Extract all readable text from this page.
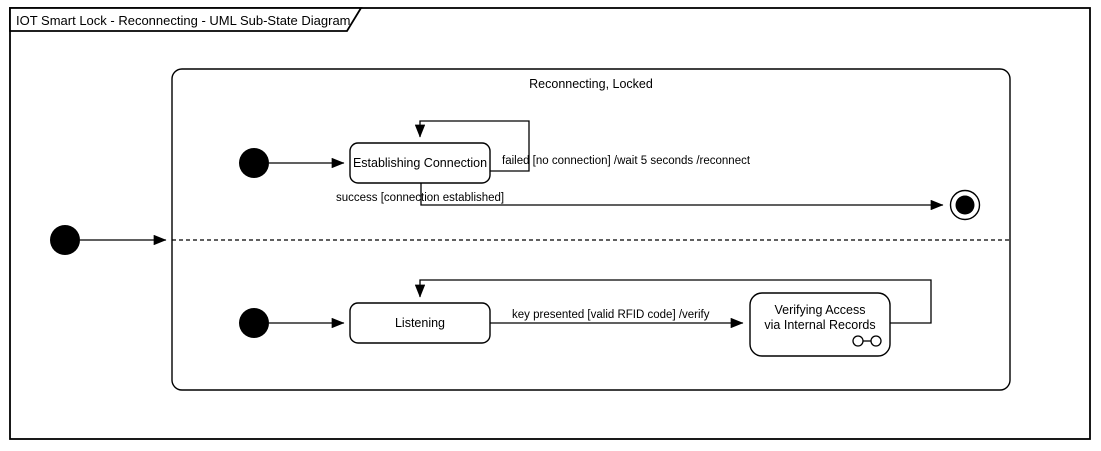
IOT Smart Lock - Reconnecting - UML Sub-State Diagram
Reconnecting, Locked
Establishing Connection failed [no connection] /wait 5 seconds /reconnect
success [connection established]
Listening
key presented [valid RFID code] /verify	Verifying Access
via Internal Records
